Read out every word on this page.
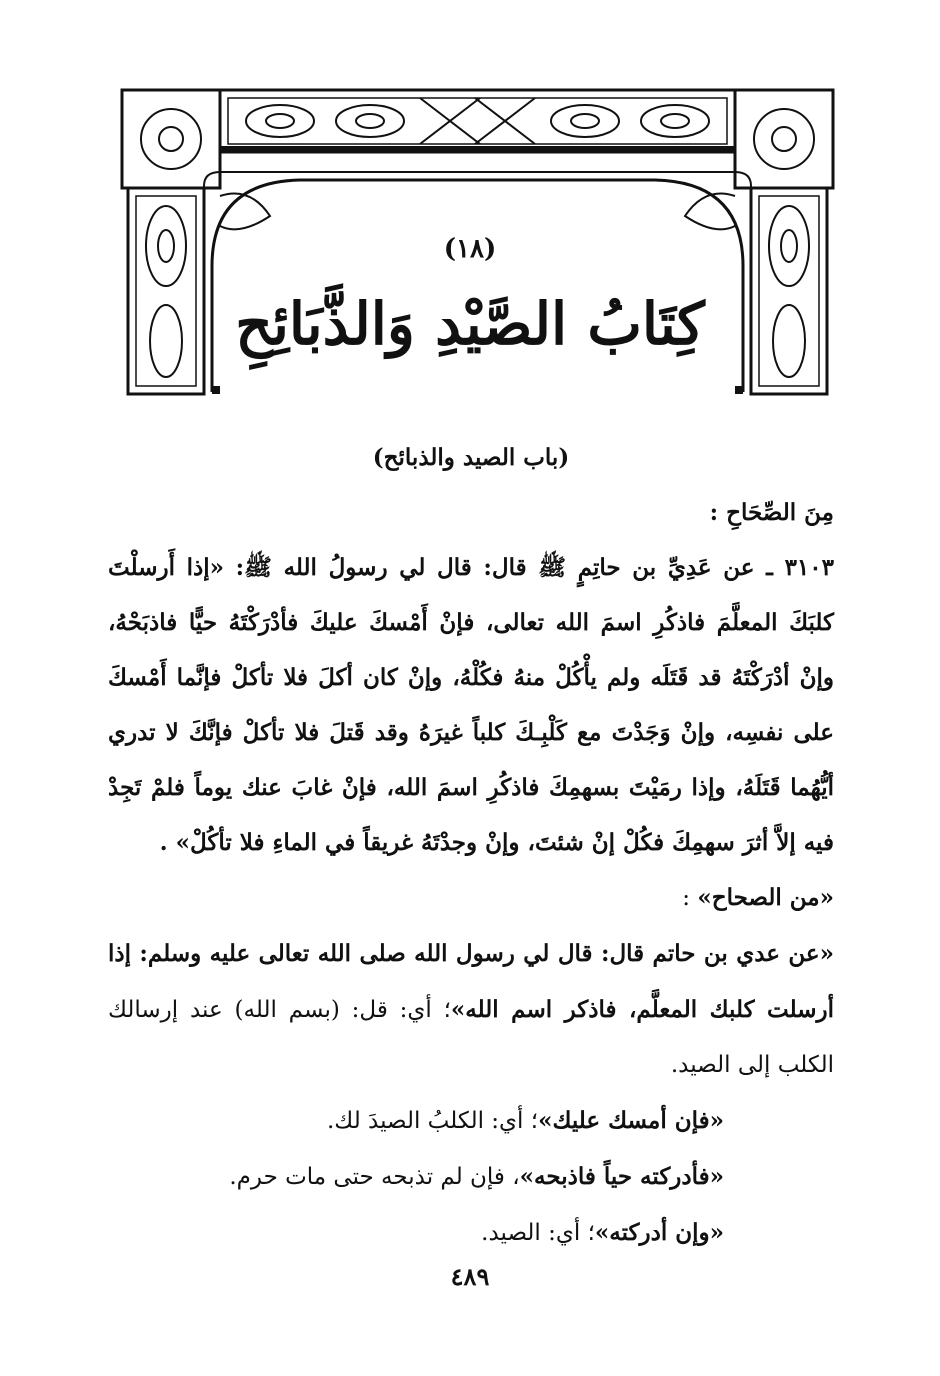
(١٨)
كِتَابُ الصَّيْدِ وَالذَّبَائِحِ

(باب الصيد والذبائح)

مِنَ الصِّحَاحِ :

٣١٠٣ ـ عن عَدِيِّ بن حاتِمٍ ﷺ قال: قال لي رسولُ الله ﷺ: «إذا أَرسلْتَ كلبَكَ المعلَّمَ فاذكُرِ اسمَ الله تعالى، فإنْ أَمْسكَ عليكَ فأدْرَكْتَهُ حيًّا فاذبَحْهُ، وإنْ أدْرَكْتَهُ قد قَتَلَه ولم يأْكُلْ منهُ فكُلْهُ، وإنْ كان أكلَ فلا تأكلْ فإنَّما أَمْسكَ على نفسِه، وإنْ وَجَدْتَ مع كَلْبِـكَ كلباً غيرَهُ وقد قَتلَ فلا تأكلْ فإنَّكَ لا تدري أيُّهُما قَتَلَهُ، وإذا رمَيْتَ بسهمِكَ فاذكُرِ اسمَ الله، فإنْ غابَ عنك يوماً فلمْ تَجِدْ فيه إلاَّ أثرَ سهمِكَ فكُلْ إنْ شئتَ، وإنْ وجدْتَهُ غريقاً في الماءِ فلا تأكُلْ» .

«من الصحاح» :

«عن عدي بن حاتم قال: قال لي رسول الله صلى الله تعالى عليه وسلم: إذا أرسلت كلبك المعلَّم، فاذكر اسم الله»؛ أي: قل: (بسم الله) عند إرسالك الكلب إلى الصيد.

«فإن أمسك عليك»؛ أي: الكلبُ الصيدَ لك.

«فأدركته حياً فاذبحه»، فإن لم تذبحه حتى مات حرم.

«وإن أدركته»؛ أي: الصيد.

٤٨٩
